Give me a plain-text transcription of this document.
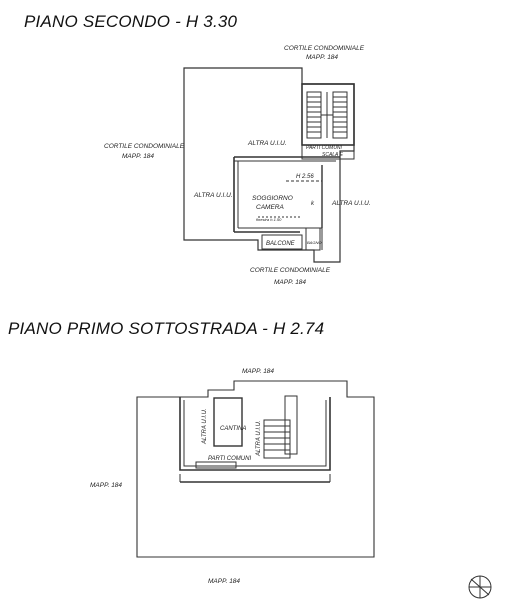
CORTILE CONDOMINIALE
MAPP. 184
CORTILE CONDOMINIALE
MAPP. 184
ALTRA U.I.U.
PARTI COMUNI
SCALA E
ALTRA U.I.U.
ALTRA U.I.U.
H 2.56
SOGGIORNO
CAMERA
finestra h.1.50
k
BALCONE	BAGNO
CORTILE CONDOMINIALE
MAPP. 184
MAPP. 184
ALTRA U.I.U. CANTINA ALTRA U.I.U.
PARTI COMUNI
MAPP. 184
MAPP. 184
PIANO SECONDO - H 3.30
PIANO PRIMO SOTTOSTRADA - H 2.74
